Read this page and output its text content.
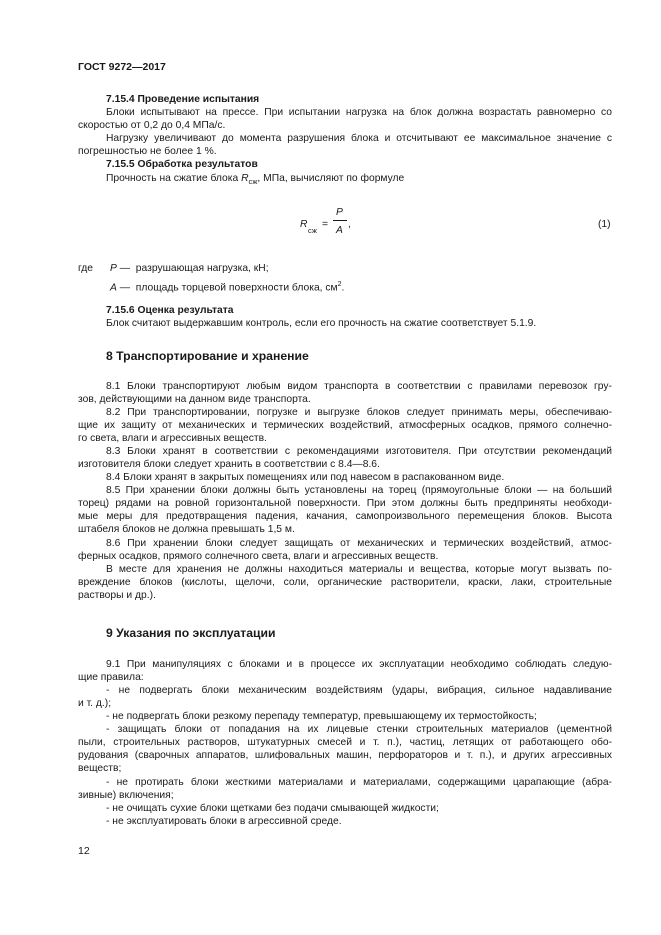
ГОСТ 9272—2017
7.15.4 Проведение испытания
Блоки испытывают на прессе. При испытании нагрузка на блок должна возрастать равномерно со
скоростью от 0,2 до 0,4 МПа/с.
Нагрузку увеличивают до момента разрушения блока и отсчитывают ее максимальное значение с
погрешностью не более 1 %.
7.15.5 Обработка результатов
Прочность на сжатие блока $R_{сж}$, МПа, вычисляют по формуле
R
сж
=
P
A
,	(1)
где P — разрушающая нагрузка, кН;
A — площадь торцевой поверхности блока, $см^2$.
7.15.6 Оценка результата
Блок считают выдержавшим контроль, если его прочность на сжатие соответствует 5.1.9.
8 Транспортирование и хранение
8.1 Блоки транспортируют любым видом транспорта в соответствии с правилами перевозок гру-
зов, действующими на данном виде транспорта.
8.2 При транспортировании, погрузке и выгрузке блоков следует принимать меры, обеспечиваю-
щие их защиту от механических и термических воздействий, атмосферных осадков, прямого солнечно-
го света, влаги и агрессивных веществ.
8.3 Блоки хранят в соответствии с рекомендациями изготовителя. При отсутствии рекомендаций
изготовителя блоки следует хранить в соответствии с 8.4—8.6.
8.4 Блоки хранят в закрытых помещениях или под навесом в распакованном виде.
8.5 При хранении блоки должны быть установлены на торец (прямоугольные блоки — на больший
торец) рядами на ровной горизонтальной поверхности. При этом должны быть предприняты необходи-
мые меры для предотвращения падения, качания, самопроизвольного перемещения блоков. Высота
штабеля блоков не должна превышать 1,5 м.
8.6 При хранении блоки следует защищать от механических и термических воздействий, атмос-
ферных осадков, прямого солнечного света, влаги и агрессивных веществ.
В месте для хранения не должны находиться материалы и вещества, которые могут вызвать по-
вреждение блоков (кислоты, щелочи, соли, органические растворители, краски, лаки, строительные
растворы и др.).
9 Указания по эксплуатации
9.1 При манипуляциях с блоками и в процессе их эксплуатации необходимо соблюдать следую-
щие правила:
- не подвергать блоки механическим воздействиям (удары, вибрация, сильное надавливание
и т. д.);
- не подвергать блоки резкому перепаду температур, превышающему их термостойкость;
- защищать блоки от попадания на их лицевые стенки строительных материалов (цементной
пыли, строительных растворов, штукатурных смесей и т. п.), частиц, летящих от работающего обо-
рудования (сварочных аппаратов, шлифовальных машин, перфораторов и т. п.), и других агрессивных
веществ;
- не протирать блоки жесткими материалами и материалами, содержащими царапающие (абра-
зивные) включения;
- не очищать сухие блоки щетками без подачи смывающей жидкости;
- не эксплуатировать блоки в агрессивной среде.
12
